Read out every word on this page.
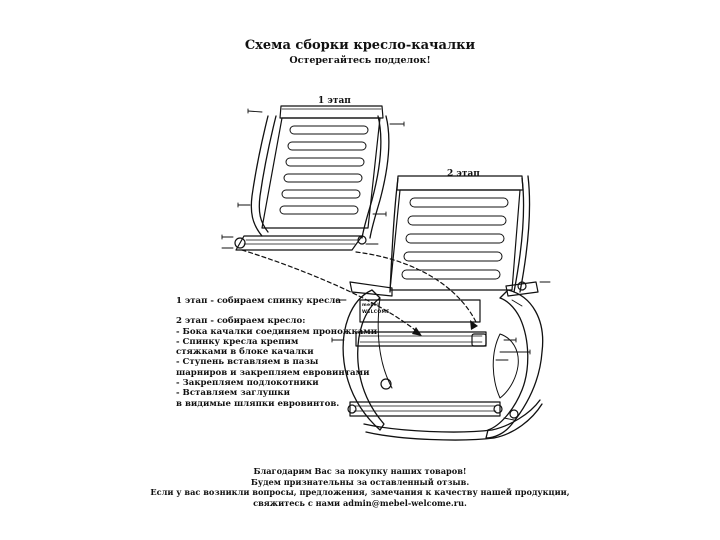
Схема сборки кресло-качалки
Остерегайтесь подделок!
1 этап
2 этап
mebel
WELCOME
1 этап - собираем спинку кресла
2 этап - собираем кресло:
- Бока качалки соединяем проножками
- Спинку кресла крепим
стяжками в блоке качалки
- Ступень вставляем в пазы
шарниров и закрепляем евровинтами
- Закрепляем подлокотники
- Вставляем заглушки
в видимые шляпки евровинтов.
Благодарим Вас за покупку наших товаров!
Будем признательны за оставленный отзыв.
Если у вас возникли вопросы, предложения, замечания к качеству нашей продукции,
свяжитесь с нами admin@mebel-welcome.ru.
